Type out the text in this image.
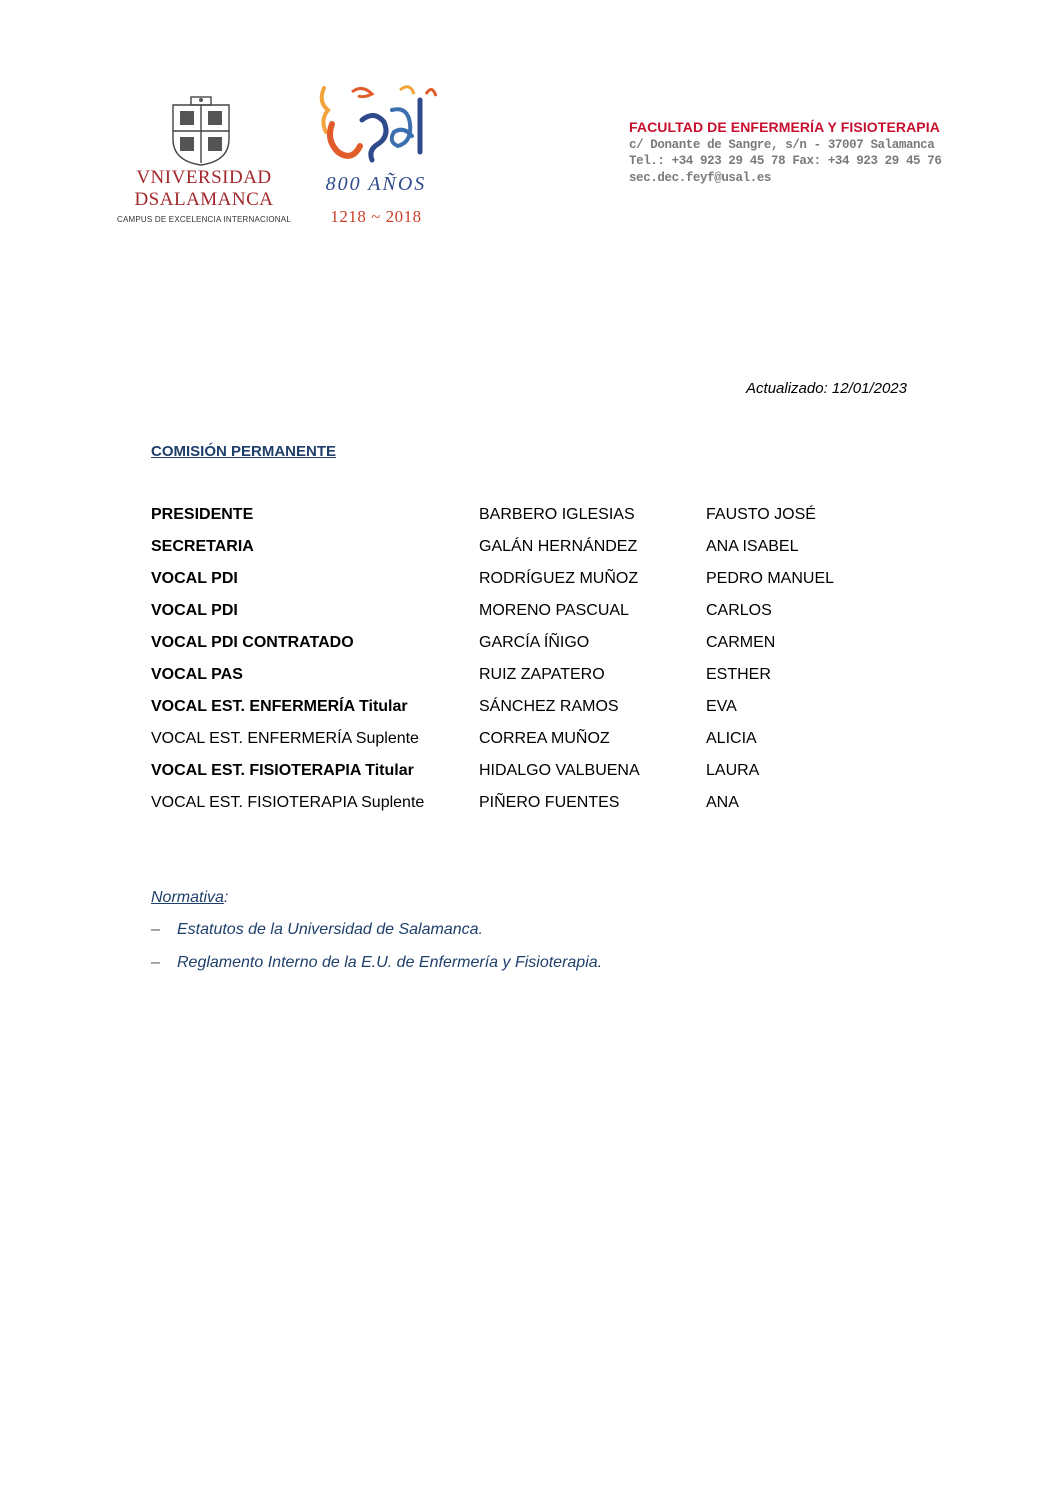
VNIVERSIDAD
DSALAMANCA
CAMPUS DE EXCELENCIA INTERNACIONAL
800 AÑOS
1218 ~ 2018
FACULTAD DE ENFERMERÍA Y FISIOTERAPIA
c/ Donante de Sangre, s/n - 37007 Salamanca
Tel.: +34 923 29 45 78 Fax: +34 923 29 45 76
sec.dec.feyf@usal.es
Actualizado: 12/01/2023
COMISIÓN PERMANENTE
PRESIDENTE	BARBERO IGLESIAS	FAUSTO JOSÉ
SECRETARIA	GALÁN HERNÁNDEZ	ANA ISABEL
VOCAL PDI	RODRÍGUEZ MUÑOZ	PEDRO MANUEL
VOCAL PDI	MORENO PASCUAL	CARLOS
VOCAL PDI CONTRATADO	GARCÍA ÍÑIGO	CARMEN
VOCAL PAS	RUIZ ZAPATERO	ESTHER
VOCAL EST. ENFERMERÍA Titular	SÁNCHEZ RAMOS	EVA
VOCAL EST. ENFERMERÍA Suplente	CORREA MUÑOZ	ALICIA
VOCAL EST. FISIOTERAPIA Titular	HIDALGO VALBUENA	LAURA
VOCAL EST. FISIOTERAPIA Suplente	PIÑERO FUENTES	ANA
Normativa:
– Estatutos de la Universidad de Salamanca.
– Reglamento Interno de la E.U. de Enfermería y Fisioterapia.
